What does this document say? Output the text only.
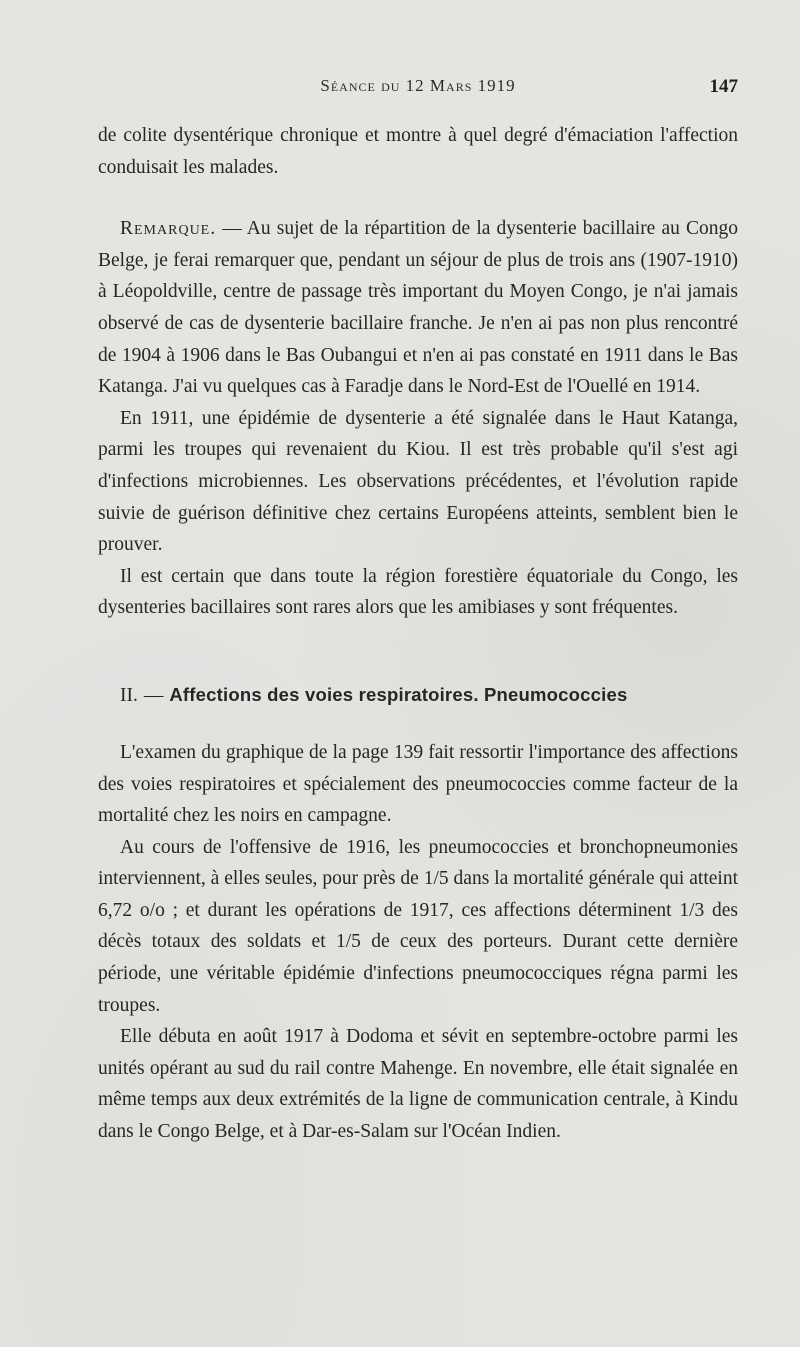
Séance du 12 Mars 1919	147

de colite dysentérique chronique et montre à quel degré d'émaciation l'affection conduisait les malades.

Remarque. — Au sujet de la répartition de la dysenterie bacillaire au Congo Belge, je ferai remarquer que, pendant un séjour de plus de trois ans (1907-1910) à Léopoldville, centre de passage très important du Moyen Congo, je n'ai jamais observé de cas de dysenterie bacillaire franche. Je n'en ai pas non plus rencontré de 1904 à 1906 dans le Bas Oubangui et n'en ai pas constaté en 1911 dans le Bas Katanga. J'ai vu quelques cas à Faradje dans le Nord-Est de l'Ouellé en 1914.

En 1911, une épidémie de dysenterie a été signalée dans le Haut Katanga, parmi les troupes qui revenaient du Kiou. Il est très probable qu'il s'est agi d'infections microbiennes. Les observations précédentes, et l'évolution rapide suivie de guérison définitive chez certains Européens atteints, semblent bien le prouver.

Il est certain que dans toute la région forestière équatoriale du Congo, les dysenteries bacillaires sont rares alors que les amibiases y sont fréquentes.

II. — Affections des voies respiratoires. Pneumococcies

L'examen du graphique de la page 139 fait ressortir l'importance des affections des voies respiratoires et spécialement des pneumococcies comme facteur de la mortalité chez les noirs en campagne.

Au cours de l'offensive de 1916, les pneumococcies et bronchopneumonies interviennent, à elles seules, pour près de 1/5 dans la mortalité générale qui atteint 6,72 o/o ; et durant les opérations de 1917, ces affections déterminent 1/3 des décès totaux des soldats et 1/5 de ceux des porteurs. Durant cette dernière période, une véritable épidémie d'infections pneumococciques régna parmi les troupes.

Elle débuta en août 1917 à Dodoma et sévit en septembre-octobre parmi les unités opérant au sud du rail contre Mahenge. En novembre, elle était signalée en même temps aux deux extrémités de la ligne de communication centrale, à Kindu dans le Congo Belge, et à Dar-es-Salam sur l'Océan Indien.
